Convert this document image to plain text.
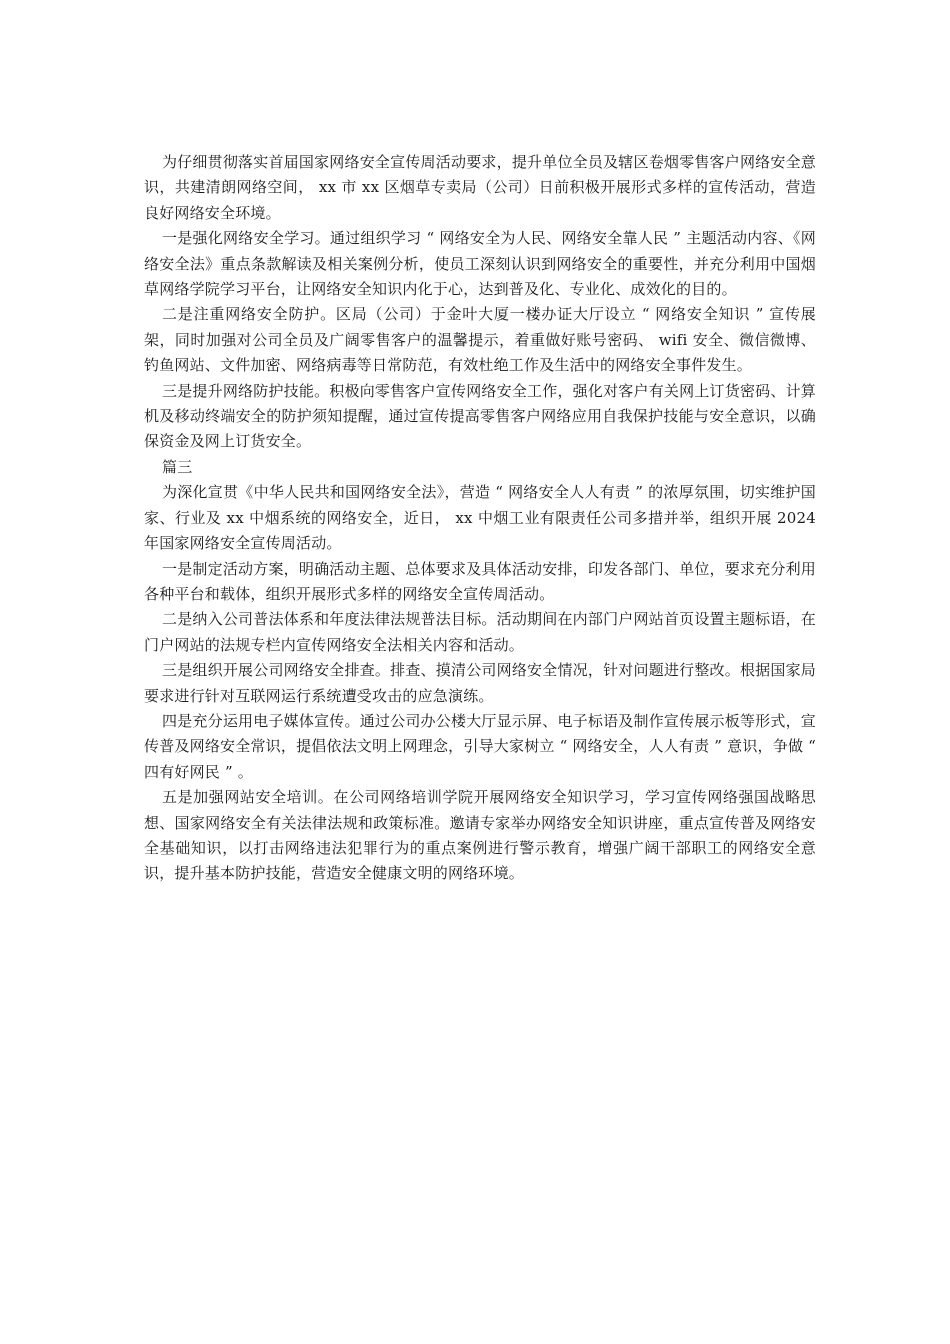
为仔细贯彻落实首届国家网络安全宣传周活动要求，提升单位全员及辖区卷烟零售客户网络安全意识，共建清朗网络空间， xx 市 xx 区烟草专卖局（公司）日前积极开展形式多样的宣传活动，营造良好网络安全环境。

一是强化网络安全学习。通过组织学习 “ 网络安全为人民、网络安全靠人民 ” 主题活动内容、《网络安全法》重点条款解读及相关案例分析，使员工深刻认识到网络安全的重要性，并充分利用中国烟草网络学院学习平台，让网络安全知识内化于心，达到普及化、专业化、成效化的目的。

二是注重网络安全防护。区局（公司）于金叶大厦一楼办证大厅设立 “ 网络安全知识 ” 宣传展架，同时加强对公司全员及广阔零售客户的温馨提示，着重做好账号密码、 wifi 安全、微信微博、钓鱼网站、文件加密、网络病毒等日常防范，有效杜绝工作及生活中的网络安全事件发生。

三是提升网络防护技能。积极向零售客户宣传网络安全工作，强化对客户有关网上订货密码、计算机及移动终端安全的防护须知提醒，通过宣传提高零售客户网络应用自我保护技能与安全意识，以确保资金及网上订货安全。

篇三

为深化宣贯《中华人民共和国网络安全法》，营造 “ 网络安全人人有责 ” 的浓厚氛围，切实维护国家、行业及 xx 中烟系统的网络安全，近日， xx 中烟工业有限责任公司多措并举，组织开展 2024 年国家网络安全宣传周活动。

一是制定活动方案，明确活动主题、总体要求及具体活动安排，印发各部门、单位，要求充分利用各种平台和载体，组织开展形式多样的网络安全宣传周活动。

二是纳入公司普法体系和年度法律法规普法目标。活动期间在内部门户网站首页设置主题标语，在门户网站的法规专栏内宣传网络安全法相关内容和活动。

三是组织开展公司网络安全排查。排查、摸清公司网络安全情况，针对问题进行整改。根据国家局要求进行针对互联网运行系统遭受攻击的应急演练。

四是充分运用电子媒体宣传。通过公司办公楼大厅显示屏、电子标语及制作宣传展示板等形式，宣传普及网络安全常识，提倡依法文明上网理念，引导大家树立 “ 网络安全，人人有责 ” 意识，争做 “ 四有好网民 ” 。

五是加强网站安全培训。在公司网络培训学院开展网络安全知识学习，学习宣传网络强国战略思想、国家网络安全有关法律法规和政策标准。邀请专家举办网络安全知识讲座，重点宣传普及网络安全基础知识，以打击网络违法犯罪行为的重点案例进行警示教育，增强广阔干部职工的网络安全意识，提升基本防护技能，营造安全健康文明的网络环境。
